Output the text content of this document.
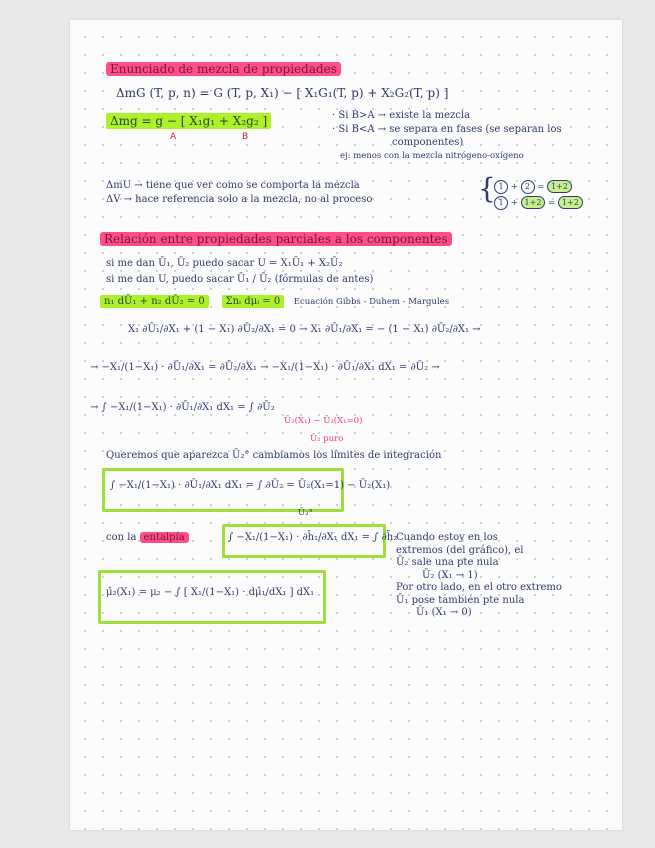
Enunciado de mezcla de propiedades
ΔmG (T, p, n) = G (T, p, X₁) − [ X₁G₁(T, p) + X₂G₂(T, p) ]
Δmg = g − [ X₁g₁ + X₂g₂ ]
A	B
· Si B>A → existe la mezcla
· Si B<A → se separa en fases (se separan los
componentes)
ej: menos con la mezcla nitrógeno-oxígeno
ΔmU → tiene que ver como se comporta la mezcla
ΔV → hace referencia solo a la mezcla, no al proceso	{ 1 + 2 = 1+2
1 + 1+2 = 1+2
Relación entre propiedades parciales a los componentes
si me dan Ū₁, Ū₂ puedo sacar U = X₁Ū₁ + X₂Ū₂
si me dan U, puedo sacar Ū₁ / Ū₂ (fórmulas de antes)
n₁ dŪ₁ + n₂ dŪ₂ = 0 Σnᵢ dμᵢ = 0 Ecuación Gibbs - Duhem - Margules
X₁ ∂Ū₁/∂X₁ + (1 − X₁) ∂Ū₂/∂X₁ = 0 → X₁ ∂Ū₁/∂X₁ = − (1 − X₁) ∂Ū₂/∂X₁ →
→ −X₁/(1−X₁) · ∂Ū₁/∂X₁ = ∂Ū₂/∂X₁ → −X₁/(1−X₁) · ∂Ū₁/∂X₁ dX₁ = ∂Ū₂ →
→ ∫ −X₁/(1−X₁) · ∂Ū₁/∂X₁ dX₁ = ∫ ∂Ū₂
Ū₂(X₁) − Ū₂(X₁=0)
Ū₂ puro
Queremos que aparezca Ū₂° cambiamos los límites de integración
∫ −X₁/(1−X₁) · ∂Ū₁/∂X₁ dX₁ = ∫ ∂Ū₂ = Ū₂(X₁=1) − Ū₂(X₁)
Ū₂°
con la entalpía	∫ −X₁/(1−X₁) · ∂h̄₁/∂X₁ dX₁ = ∫ ∂h̄₂
μ̂₂(X₁) = μ₂ − ∫ [ X₁/(1−X₁) · dμ̂₁/dX₁ ] dX₁
Cuando estoy en los
extremos (del gráfico), el
Ū₂ sale una pte nula
Ū₂ (X₁ → 1)
Por otro lado, en el otro extremo
Ū₁ pose también pte nula
Ū₁ (X₁ → 0)
